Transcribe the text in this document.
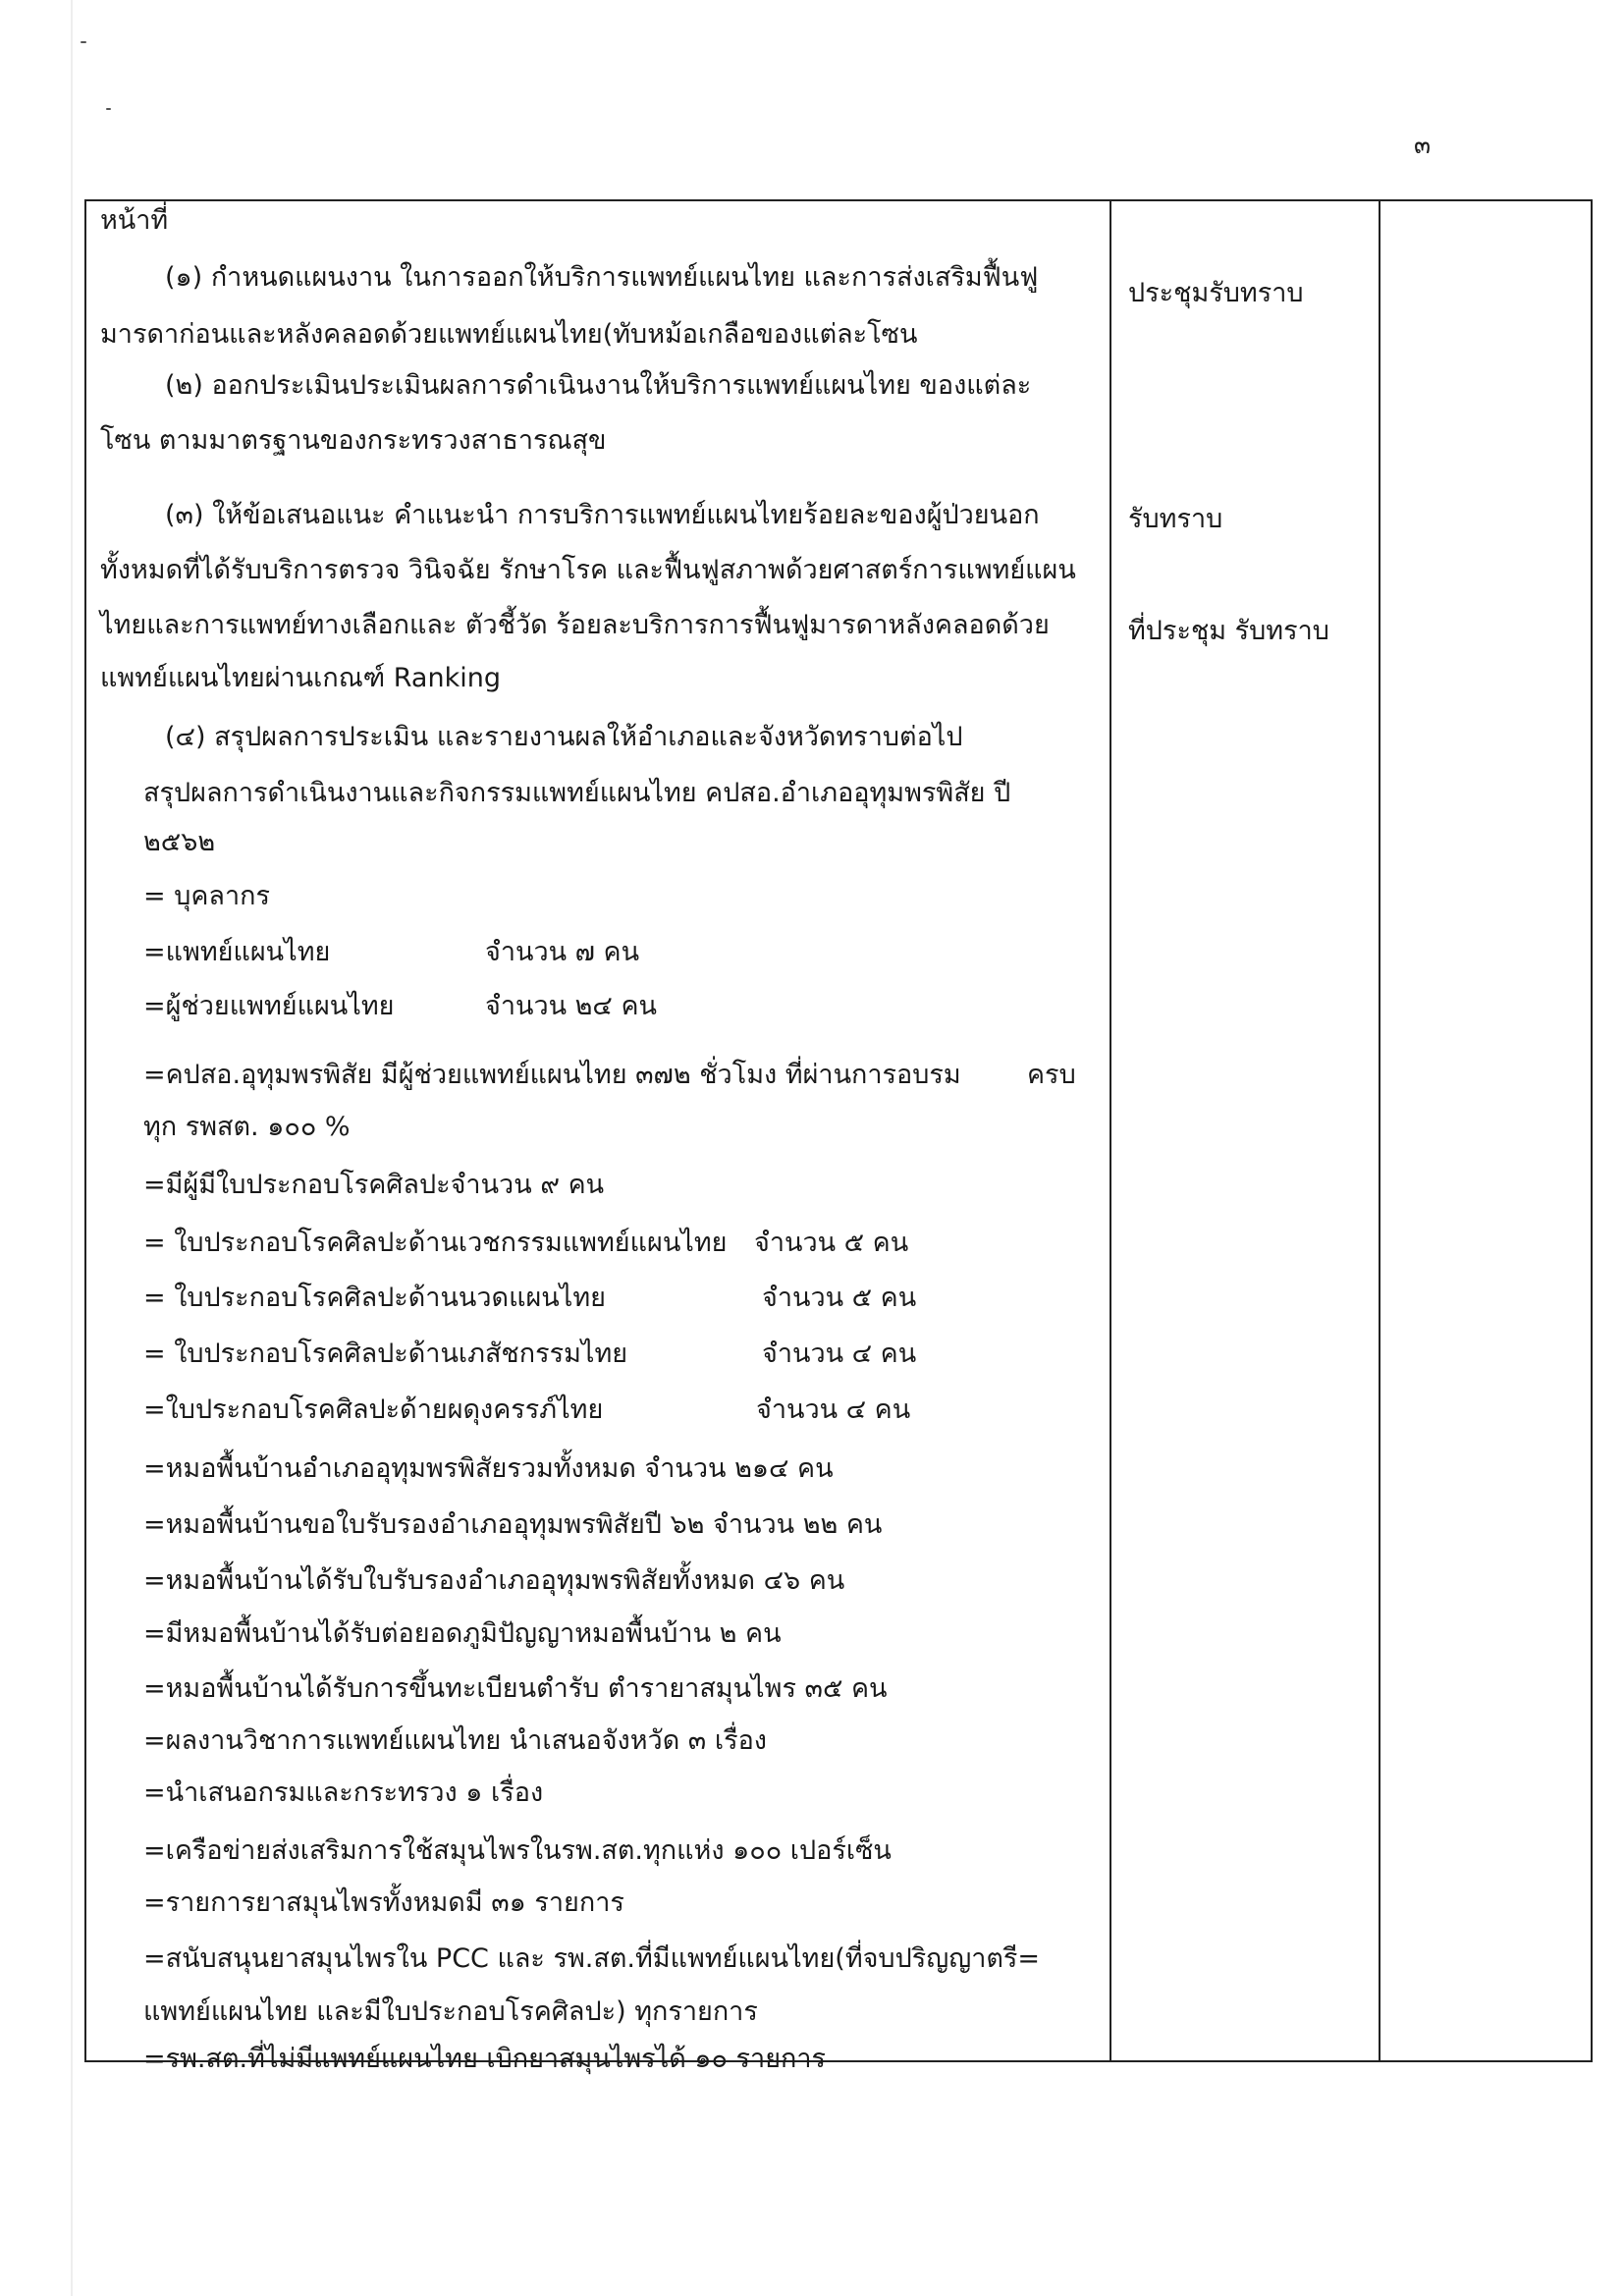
๓
ประชุมรับทราบ
รับทราบ
ที่ประชุม รับทราบ
หน้าที่
(๑) กำหนดแผนงาน ในการออกให้บริการแพทย์แผนไทย และการส่งเสริมฟื้นฟู
มารดาก่อนและหลังคลอดด้วยแพทย์แผนไทย(ทับหม้อเกลือของแต่ละโซน
(๒) ออกประเมินประเมินผลการดำเนินงานให้บริการแพทย์แผนไทย ของแต่ละ
โซน ตามมาตรฐานของกระทรวงสาธารณสุข
(๓) ให้ข้อเสนอแนะ คำแนะนำ การบริการแพทย์แผนไทยร้อยละของผู้ป่วยนอก
ทั้งหมดที่ได้รับบริการตรวจ วินิจฉัย รักษาโรค และฟื้นฟูสภาพด้วยศาสตร์การแพทย์แผน
ไทยและการแพทย์ทางเลือกและ ตัวชี้วัด ร้อยละบริการการฟื้นฟูมารดาหลังคลอดด้วย
แพทย์แผนไทยผ่านเกณฑ์ Ranking
(๔) สรุปผลการประเมิน และรายงานผลให้อำเภอและจังหวัดทราบต่อไป
สรุปผลการดำเนินงานและกิจกรรมแพทย์แผนไทย คปสอ.อำเภออุทุมพรพิสัย ปี
๒๕๖๒
= บุคลากร
=แพทย์แผนไทย	จำนวน ๗ คน
=ผู้ช่วยแพทย์แผนไทย	จำนวน ๒๔ คน
=คปสอ.อุทุมพรพิสัย มีผู้ช่วยแพทย์แผนไทย ๓๗๒ ชั่วโมง ที่ผ่านการอบรม ครบ
ทุก รพสต. ๑๐๐ %
=มีผู้มีใบประกอบโรคศิลปะจำนวน ๙ คน
= ใบประกอบโรคศิลปะด้านเวชกรรมแพทย์แผนไทย จำนวน ๕ คน
= ใบประกอบโรคศิลปะด้านนวดแผนไทย	จำนวน ๕ คน
= ใบประกอบโรคศิลปะด้านเภสัชกรรมไทย	จำนวน ๔ คน
=ใบประกอบโรคศิลปะด้ายผดุงครรภ์ไทย	จำนวน ๔ คน
=หมอพื้นบ้านอำเภออุทุมพรพิสัยรวมทั้งหมด จำนวน ๒๑๔ คน
=หมอพื้นบ้านขอใบรับรองอำเภออุทุมพรพิสัยปี ๖๒ จำนวน ๒๒ คน
=หมอพื้นบ้านได้รับใบรับรองอำเภออุทุมพรพิสัยทั้งหมด ๔๖ คน
=มีหมอพื้นบ้านได้รับต่อยอดภูมิปัญญาหมอพื้นบ้าน ๒ คน
=หมอพื้นบ้านได้รับการขึ้นทะเบียนตำรับ ตำรายาสมุนไพร ๓๕ คน
=ผลงานวิชาการแพทย์แผนไทย นำเสนอจังหวัด ๓ เรื่อง
=นำเสนอกรมและกระทรวง ๑ เรื่อง
=เครือข่ายส่งเสริมการใช้สมุนไพรในรพ.สต.ทุกแห่ง ๑๐๐ เปอร์เซ็น
=รายการยาสมุนไพรทั้งหมดมี ๓๑ รายการ
=สนับสนุนยาสมุนไพรใน PCC และ รพ.สต.ที่มีแพทย์แผนไทย(ที่จบปริญญาตรี=
แพทย์แผนไทย และมีใบประกอบโรคศิลปะ) ทุกรายการ
=รพ.สต.ที่ไม่มีแพทย์แผนไทย เบิกยาสมุนไพรได้ ๑๐ รายการ
